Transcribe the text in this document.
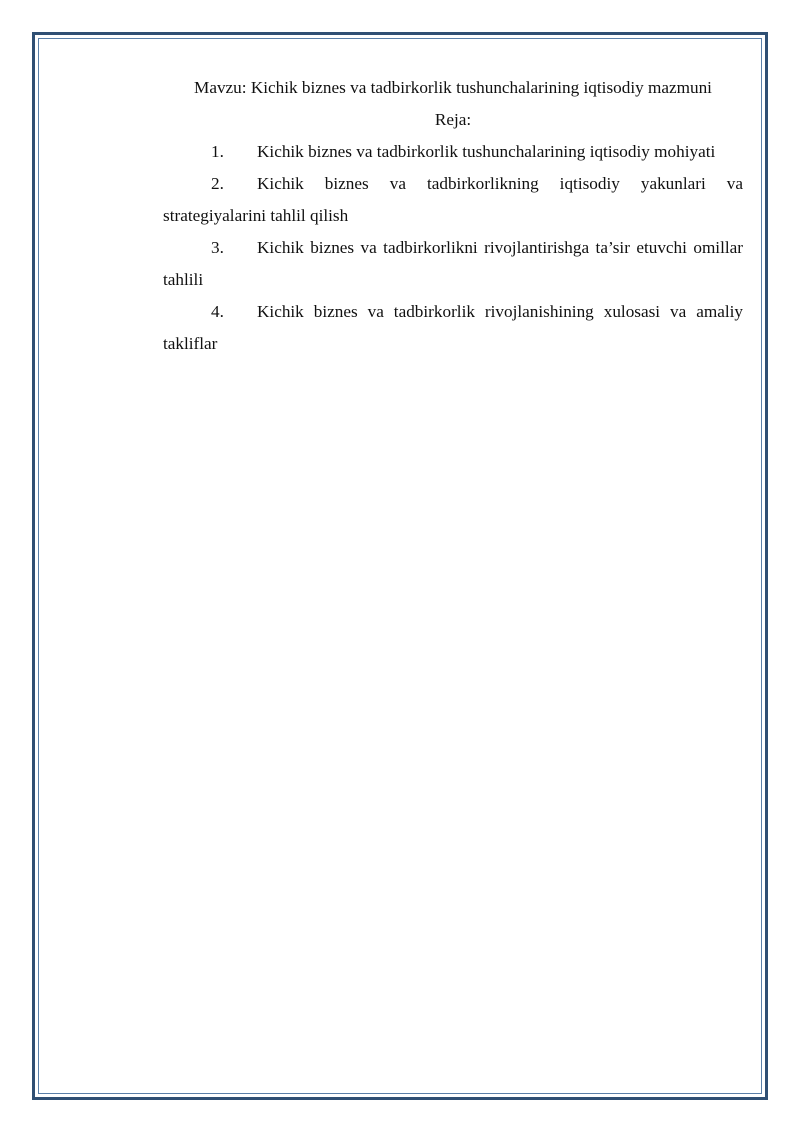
Mavzu: Kichik biznes va tadbirkorlik tushunchalarining iqtisodiy mazmuni

Reja:

1. Kichik biznes va tadbirkorlik tushunchalarining iqtisodiy mohiyati
2. Kichik biznes va tadbirkorlikning iqtisodiy yakunlari va strategiyalarini tahlil qilish
3. Kichik biznes va tadbirkorlikni rivojlantirishga ta’sir etuvchi omillar tahlili
4. Kichik biznes va tadbirkorlik rivojlanishining xulosasi va amaliy takliflar
